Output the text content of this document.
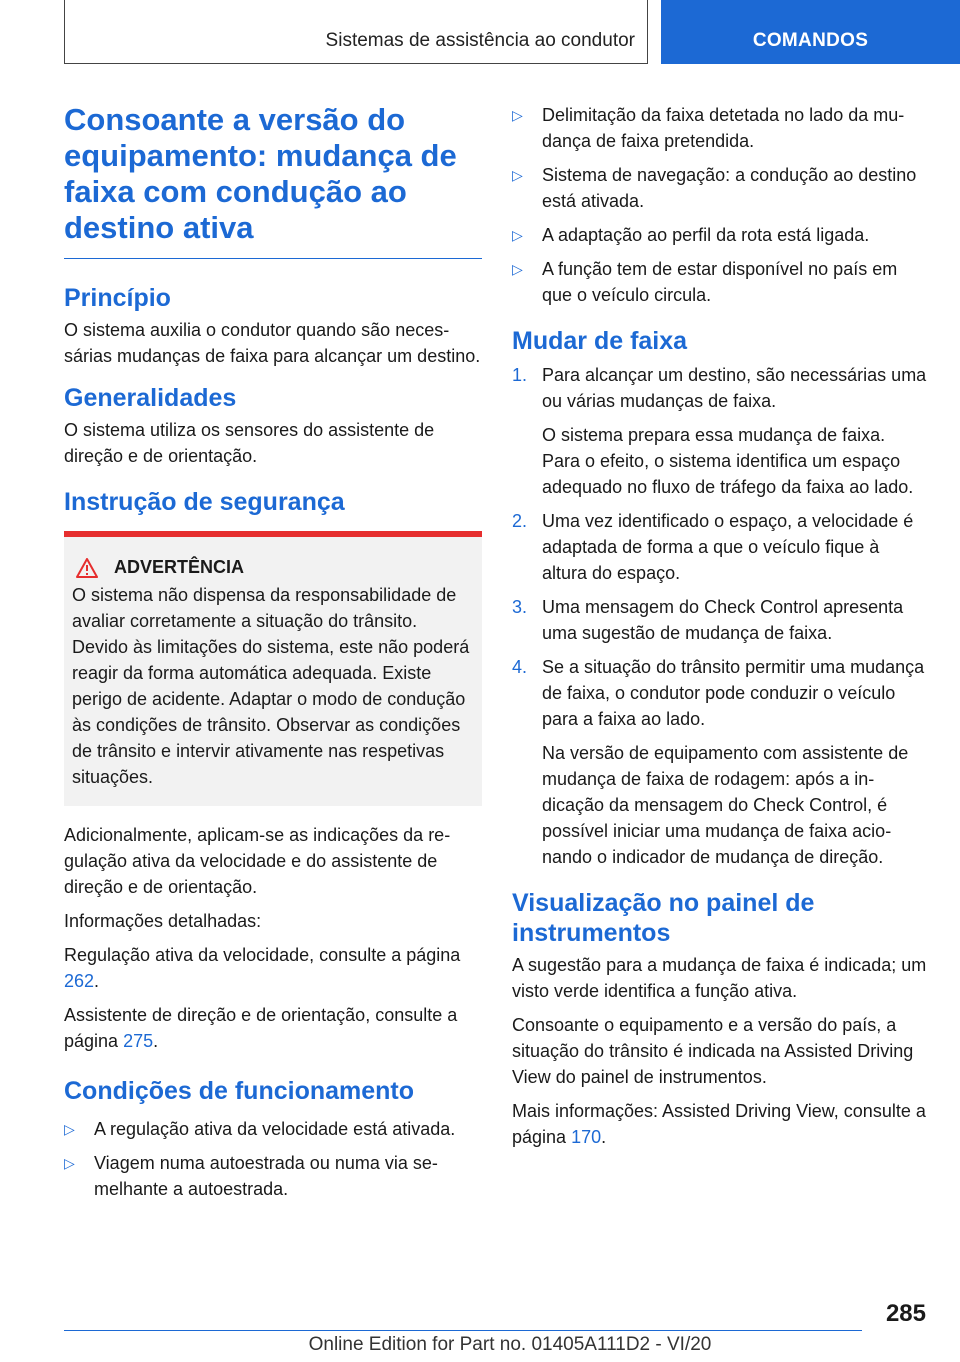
Sistemas de assistência ao condutor	COMANDOS
Consoante a versão do equipamento: mudança de faixa com condução ao destino ativa
Princípio

O sistema auxilia o condutor quando são necessárias mudanças de faixa para alcançar um destino.

Generalidades

O sistema utiliza os sensores do assistente de direção e de orientação.

Instrução de segurança
ADVERTÊNCIA

O sistema não dispensa da responsabilidade de avaliar corretamente a situação do trânsito. Devido às limitações do sistema, este não poderá reagir da forma automática adequada. Existe perigo de acidente. Adaptar o modo de condução às condições de trânsito. Observar as condições de trânsito e intervir ativamente nas respetivas situações.

Adicionalmente, aplicam-se as indicações da regulação ativa da velocidade e do assistente de direção e de orientação.

Informações detalhadas:

Regulação ativa da velocidade, consulte a página 262.

Assistente de direção e de orientação, consulte a página 275.

Condições de funcionamento
▷ A regulação ativa da velocidade está ativada.
▷ Viagem numa autoestrada ou numa via semelhante a autoestrada.
▷ Delimitação da faixa detetada no lado da mudança de faixa pretendida.
▷ Sistema de navegação: a condução ao destino está ativada.
▷ A adaptação ao perfil da rota está ligada.
▷ A função tem de estar disponível no país em que o veículo circula.
Mudar de faixa
1. Para alcançar um destino, são necessárias uma ou várias mudanças de faixa.
O sistema prepara essa mudança de faixa. Para o efeito, o sistema identifica um espaço adequado no fluxo de tráfego da faixa ao lado.
2. Uma vez identificado o espaço, a velocidade é adaptada de forma a que o veículo fique à altura do espaço.
3. Uma mensagem do Check Control apresenta uma sugestão de mudança de faixa.
4. Se a situação do trânsito permitir uma mudança de faixa, o condutor pode conduzir o veículo para a faixa ao lado.
Na versão de equipamento com assistente de mudança de faixa de rodagem: após a indicação da mensagem do Check Control, é possível iniciar uma mudança de faixa acionando o indicador de mudança de direção.
Visualização no painel de instrumentos

A sugestão para a mudança de faixa é indicada; um visto verde identifica a função ativa.

Consoante o equipamento e a versão do país, a situação do trânsito é indicada na Assisted Driving View do painel de instrumentos.

Mais informações: Assisted Driving View, consulte a página 170.

285
Online Edition for Part no. 01405A111D2 - VI/20
